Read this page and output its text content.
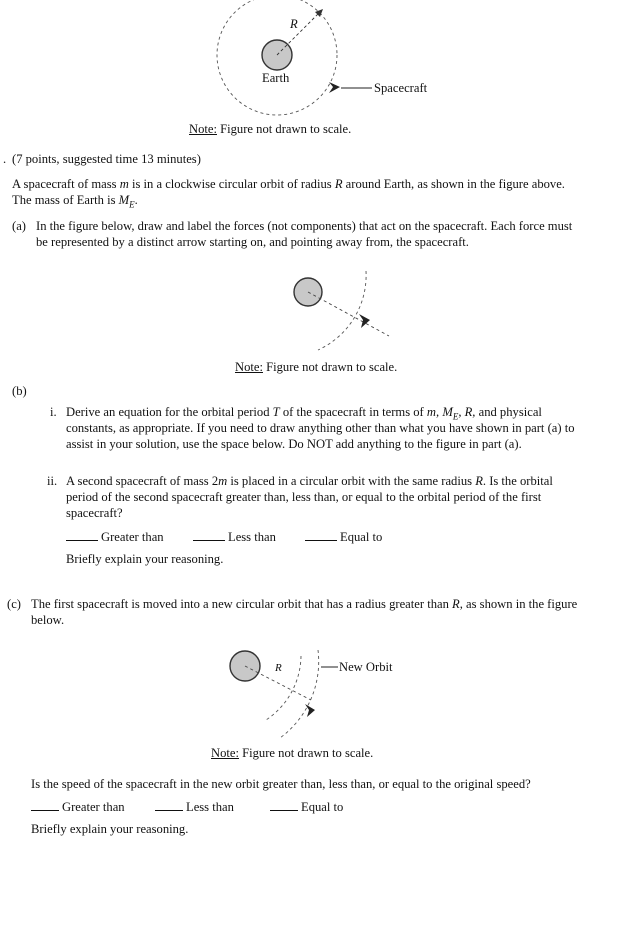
R
Earth
Spacecraft
Note: Figure not drawn to scale.
. (7 points, suggested time 13 minutes)
A spacecraft of mass m is in a clockwise circular orbit of radius R around Earth, as shown in the figure above.
The mass of Earth is $M_E$.
(a) In the figure below, draw and label the forces (not components) that act on the spacecraft. Each force must
be represented by a distinct arrow starting on, and pointing away from, the spacecraft.
Note: Figure not drawn to scale.
(b)
i. Derive an equation for the orbital period T of the spacecraft in terms of m, $M_E$, R, and physical
constants, as appropriate. If you need to draw anything other than what you have shown in part (a) to
assist in your solution, use the space below. Do NOT add anything to the figure in part (a).
ii. A second spacecraft of mass 2m is placed in a circular orbit with the same radius R. Is the orbital
period of the second spacecraft greater than, less than, or equal to the orbital period of the first
spacecraft?
Greater than	Less than	Equal to
Briefly explain your reasoning.
(c) The first spacecraft is moved into a new circular orbit that has a radius greater than R, as shown in the figure
below.
R	New Orbit
Note: Figure not drawn to scale.
Is the speed of the spacecraft in the new orbit greater than, less than, or equal to the original speed?
Greater than	Less than	Equal to
Briefly explain your reasoning.
